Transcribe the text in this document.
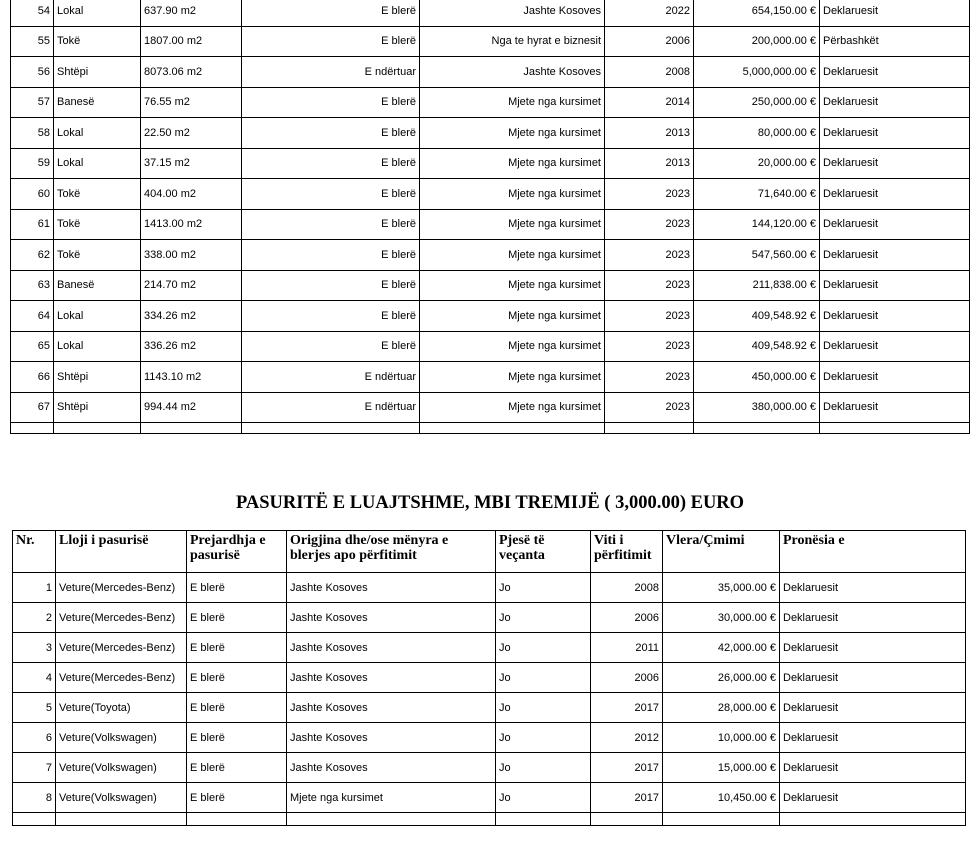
54	Lokal	637.90 m2	E blerë	Jashte Kosoves	2022	654,150.00 €	Deklaruesit
55	Tokë	1807.00 m2	E blerë	Nga te hyrat e biznesit	2006	200,000.00 €	Përbashkët
56	Shtëpi	8073.06 m2	E ndërtuar	Jashte Kosoves	2008	5,000,000.00 €	Deklaruesit
57	Banesë	76.55 m2	E blerë	Mjete nga kursimet	2014	250,000.00 €	Deklaruesit
58	Lokal	22.50 m2	E blerë	Mjete nga kursimet	2013	80,000.00 €	Deklaruesit
59	Lokal	37.15 m2	E blerë	Mjete nga kursimet	2013	20,000.00 €	Deklaruesit
60	Tokë	404.00 m2	E blerë	Mjete nga kursimet	2023	71,640.00 €	Deklaruesit
61	Tokë	1413.00 m2	E blerë	Mjete nga kursimet	2023	144,120.00 €	Deklaruesit
62	Tokë	338.00 m2	E blerë	Mjete nga kursimet	2023	547,560.00 €	Deklaruesit
63	Banesë	214.70 m2	E blerë	Mjete nga kursimet	2023	211,838.00 €	Deklaruesit
64	Lokal	334.26 m2	E blerë	Mjete nga kursimet	2023	409,548.92 €	Deklaruesit
65	Lokal	336.26 m2	E blerë	Mjete nga kursimet	2023	409,548.92 €	Deklaruesit
66	Shtëpi	1143.10 m2	E ndërtuar	Mjete nga kursimet	2023	450,000.00 €	Deklaruesit
67	Shtëpi	994.44 m2	E ndërtuar	Mjete nga kursimet	2023	380,000.00 €	Deklaruesit

PASURITË E LUAJTSHME, MBI TREMIJË ( 3,000.00) EURO
Nr.	Lloji i pasurisë	Prejardhja e pasurisë	Origjina dhe/ose mënyra e blerjes apo përfitimit	Pjesë të veçanta	Viti i përfitimit	Vlera/Çmimi	Pronësia e
1	Veture(Mercedes-Benz)	E blerë	Jashte Kosoves	Jo	2008	35,000.00 €	Deklaruesit
2	Veture(Mercedes-Benz)	E blerë	Jashte Kosoves	Jo	2006	30,000.00 €	Deklaruesit
3	Veture(Mercedes-Benz)	E blerë	Jashte Kosoves	Jo	2011	42,000.00 €	Deklaruesit
4	Veture(Mercedes-Benz)	E blerë	Jashte Kosoves	Jo	2006	26,000.00 €	Deklaruesit
5	Veture(Toyota)	E blerë	Jashte Kosoves	Jo	2017	28,000.00 €	Deklaruesit
6	Veture(Volkswagen)	E blerë	Jashte Kosoves	Jo	2012	10,000.00 €	Deklaruesit
7	Veture(Volkswagen)	E blerë	Jashte Kosoves	Jo	2017	15,000.00 €	Deklaruesit
8	Veture(Volkswagen)	E blerë	Mjete nga kursimet	Jo	2017	10,450.00 €	Deklaruesit
